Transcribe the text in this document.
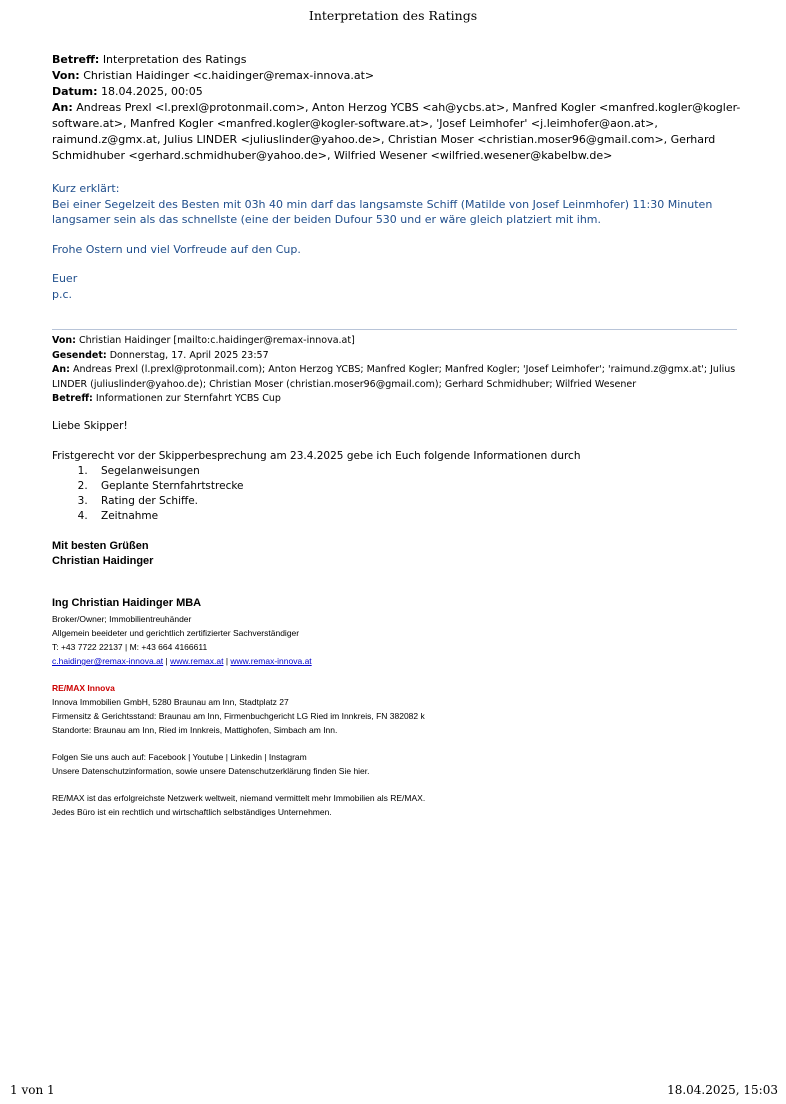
Interpretation des Ratings
Betreff: Interpretation des Ratings
Von: Christian Haidinger <c.haidinger@remax-innova.at>
Datum: 18.04.2025, 00:05
An: Andreas Prexl <l.prexl@protonmail.com>, Anton Herzog YCBS <ah@ycbs.at>, Manfred Kogler <manfred.kogler@kogler-software.at>, Manfred Kogler <manfred.kogler@kogler-software.at>, 'Josef Leimhofer' <j.leimhofer@aon.at>, raimund.z@gmx.at, Julius LINDER <juliuslinder@yahoo.de>, Christian Moser <christian.moser96@gmail.com>, Gerhard Schmidhuber <gerhard.schmidhuber@yahoo.de>, Wilfried Wesener <wilfried.wesener@kabelbw.de>

Kurz erklärt:

Bei einer Segelzeit des Besten mit 03h 40 min darf das langsamste Schiff (Matilde von Josef Leinmhofer) 11:30 Minuten langsamer sein als das schnellste (eine der beiden Dufour 530 und er wäre gleich platziert mit ihm.

Frohe Ostern und viel Vorfreude auf den Cup.

Euer

p.c.

Von: Christian Haidinger [mailto:c.haidinger@remax-innova.at]
Gesendet: Donnerstag, 17. April 2025 23:57
An: Andreas Prexl (l.prexl@protonmail.com); Anton Herzog YCBS; Manfred Kogler; Manfred Kogler; 'Josef Leimhofer'; 'raimund.z@gmx.at'; Julius LINDER (juliuslinder@yahoo.de); Christian Moser (christian.moser96@gmail.com); Gerhard Schmidhuber; Wilfried Wesener
Betreff: Informationen zur Sternfahrt YCBS Cup

Liebe Skipper!

Fristgerecht vor der Skipperbesprechung am 23.4.2025 gebe ich Euch folgende Informationen durch

1. Segelanweisungen
2. Geplante Sternfahrtstrecke
3. Rating der Schiffe.
4. Zeitnahme
Mit besten Grüßen
Christian Haidinger
Ing Christian Haidinger MBA
Broker/Owner; Immobilientreuhänder
Allgemein beeideter und gerichtlich zertifizierter Sachverständiger
T: +43 7722 22137 | M: +43 664 4166611
c.haidinger@remax-innova.at | www.remax.at | www.remax-innova.at
RE/MAX Innova
Innova Immobilien GmbH, 5280 Braunau am Inn, Stadtplatz 27
Firmensitz & Gerichtsstand: Braunau am Inn, Firmenbuchgericht LG Ried im Innkreis, FN 382082 k
Standorte: Braunau am Inn, Ried im Innkreis, Mattighofen, Simbach am Inn.
Folgen Sie uns auch auf: Facebook | Youtube | Linkedin | Instagram
Unsere Datenschutzinformation, sowie unsere Datenschutzerklärung finden Sie hier.
RE/MAX ist das erfolgreichste Netzwerk weltweit, niemand vermittelt mehr Immobilien als RE/MAX.
Jedes Büro ist ein rechtlich und wirtschaftlich selbständiges Unternehmen.
1 von 1	18.04.2025, 15:03
